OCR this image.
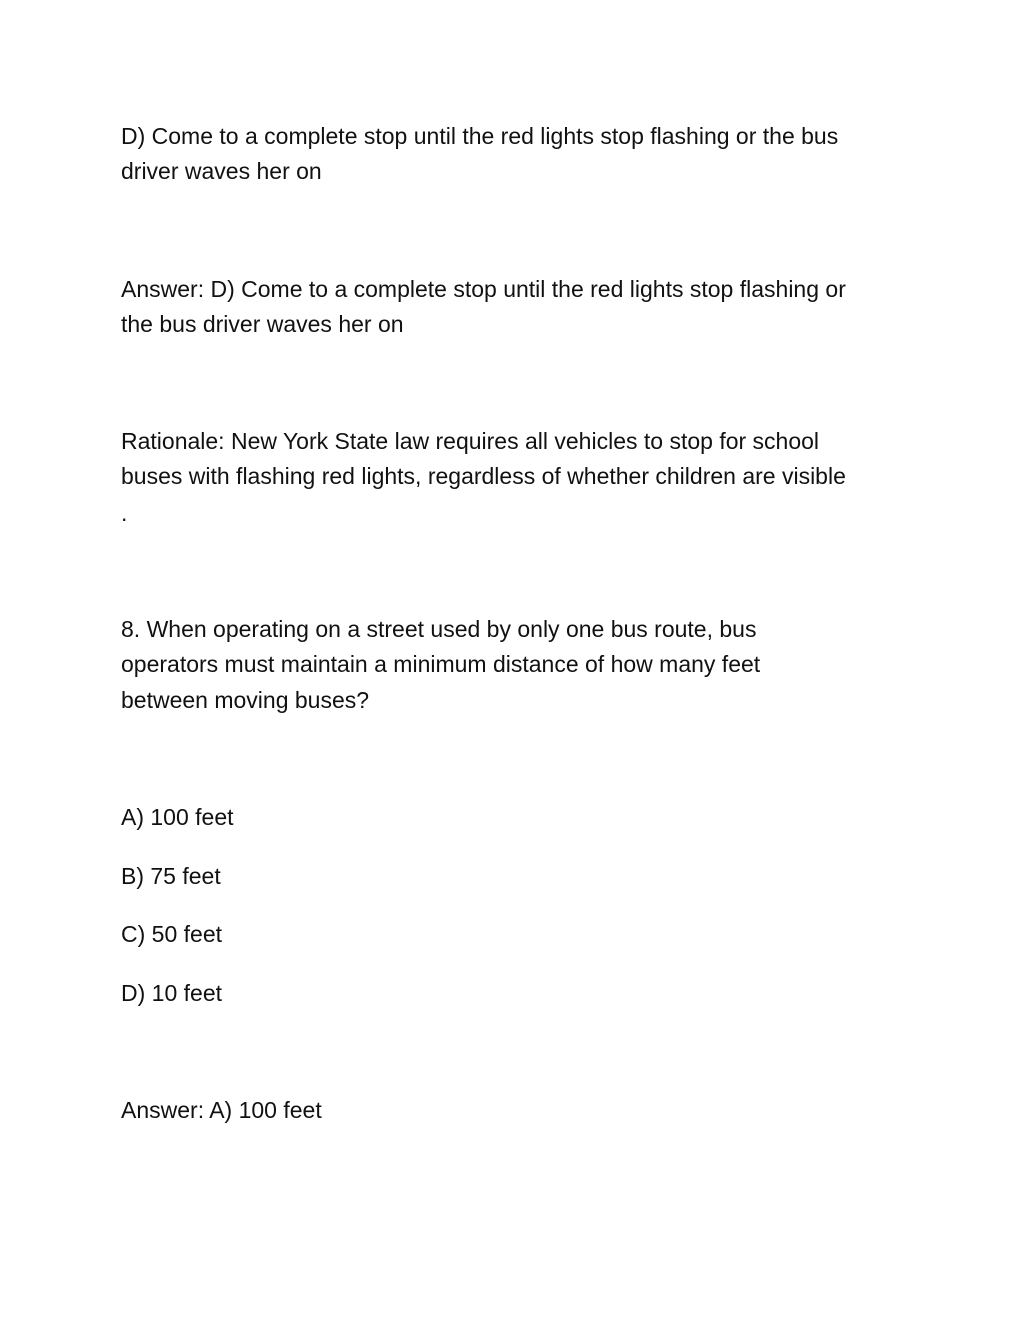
D) Come to a complete stop until the red lights stop flashing or the bus

driver waves her on

Answer: D) Come to a complete stop until the red lights stop flashing or

the bus driver waves her on

Rationale: New York State law requires all vehicles to stop for school

buses with flashing red lights, regardless of whether children are visible

.

8. When operating on a street used by only one bus route, bus

operators must maintain a minimum distance of how many feet

between moving buses?

A) 100 feet

B) 75 feet

C) 50 feet

D) 10 feet

Answer: A) 100 feet
